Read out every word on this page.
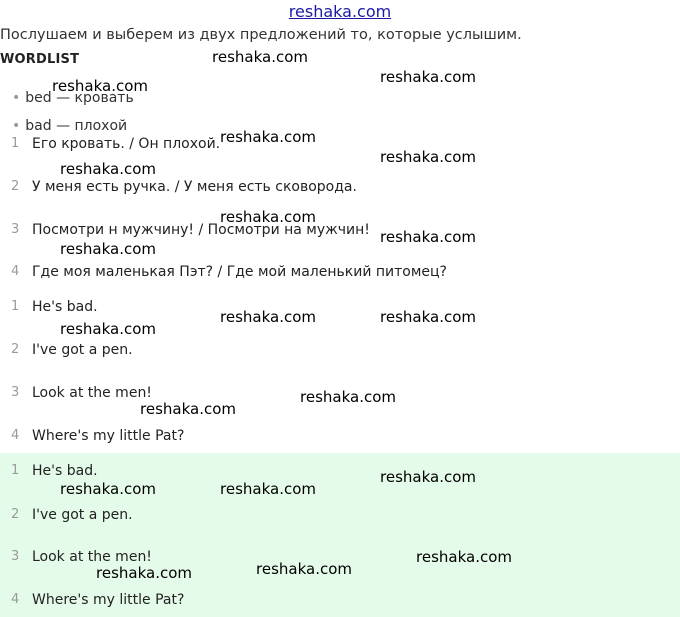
reshaka.com
Послушаем и выберем из двух предложений то, которые услышим.
WORDLIST
• bed — кровать
• bad — плохой
1 Его кровать. / Он плохой.
2 У меня есть ручка. / У меня есть сковорода.
3 Посмотри н мужчину! / Посмотри на мужчин!
4 Где моя маленькая Пэт? / Где мой маленький питомец?
1 He's bad.
2 I've got a pen.
3 Look at the men!
4 Where's my little Pat?
1 He's bad.
2 I've got a pen.
3 Look at the men!
4 Where's my little Pat?
reshaka.com
reshaka.com	reshaka.com
reshaka.com
reshaka.com
reshaka.com
reshaka.com
reshaka.com
reshaka.com
reshaka.com
reshaka.com
reshaka.com
reshaka.com
reshaka.com
reshaka.com
reshaka.com	reshaka.com
reshaka.com
reshaka.com
reshaka.com
